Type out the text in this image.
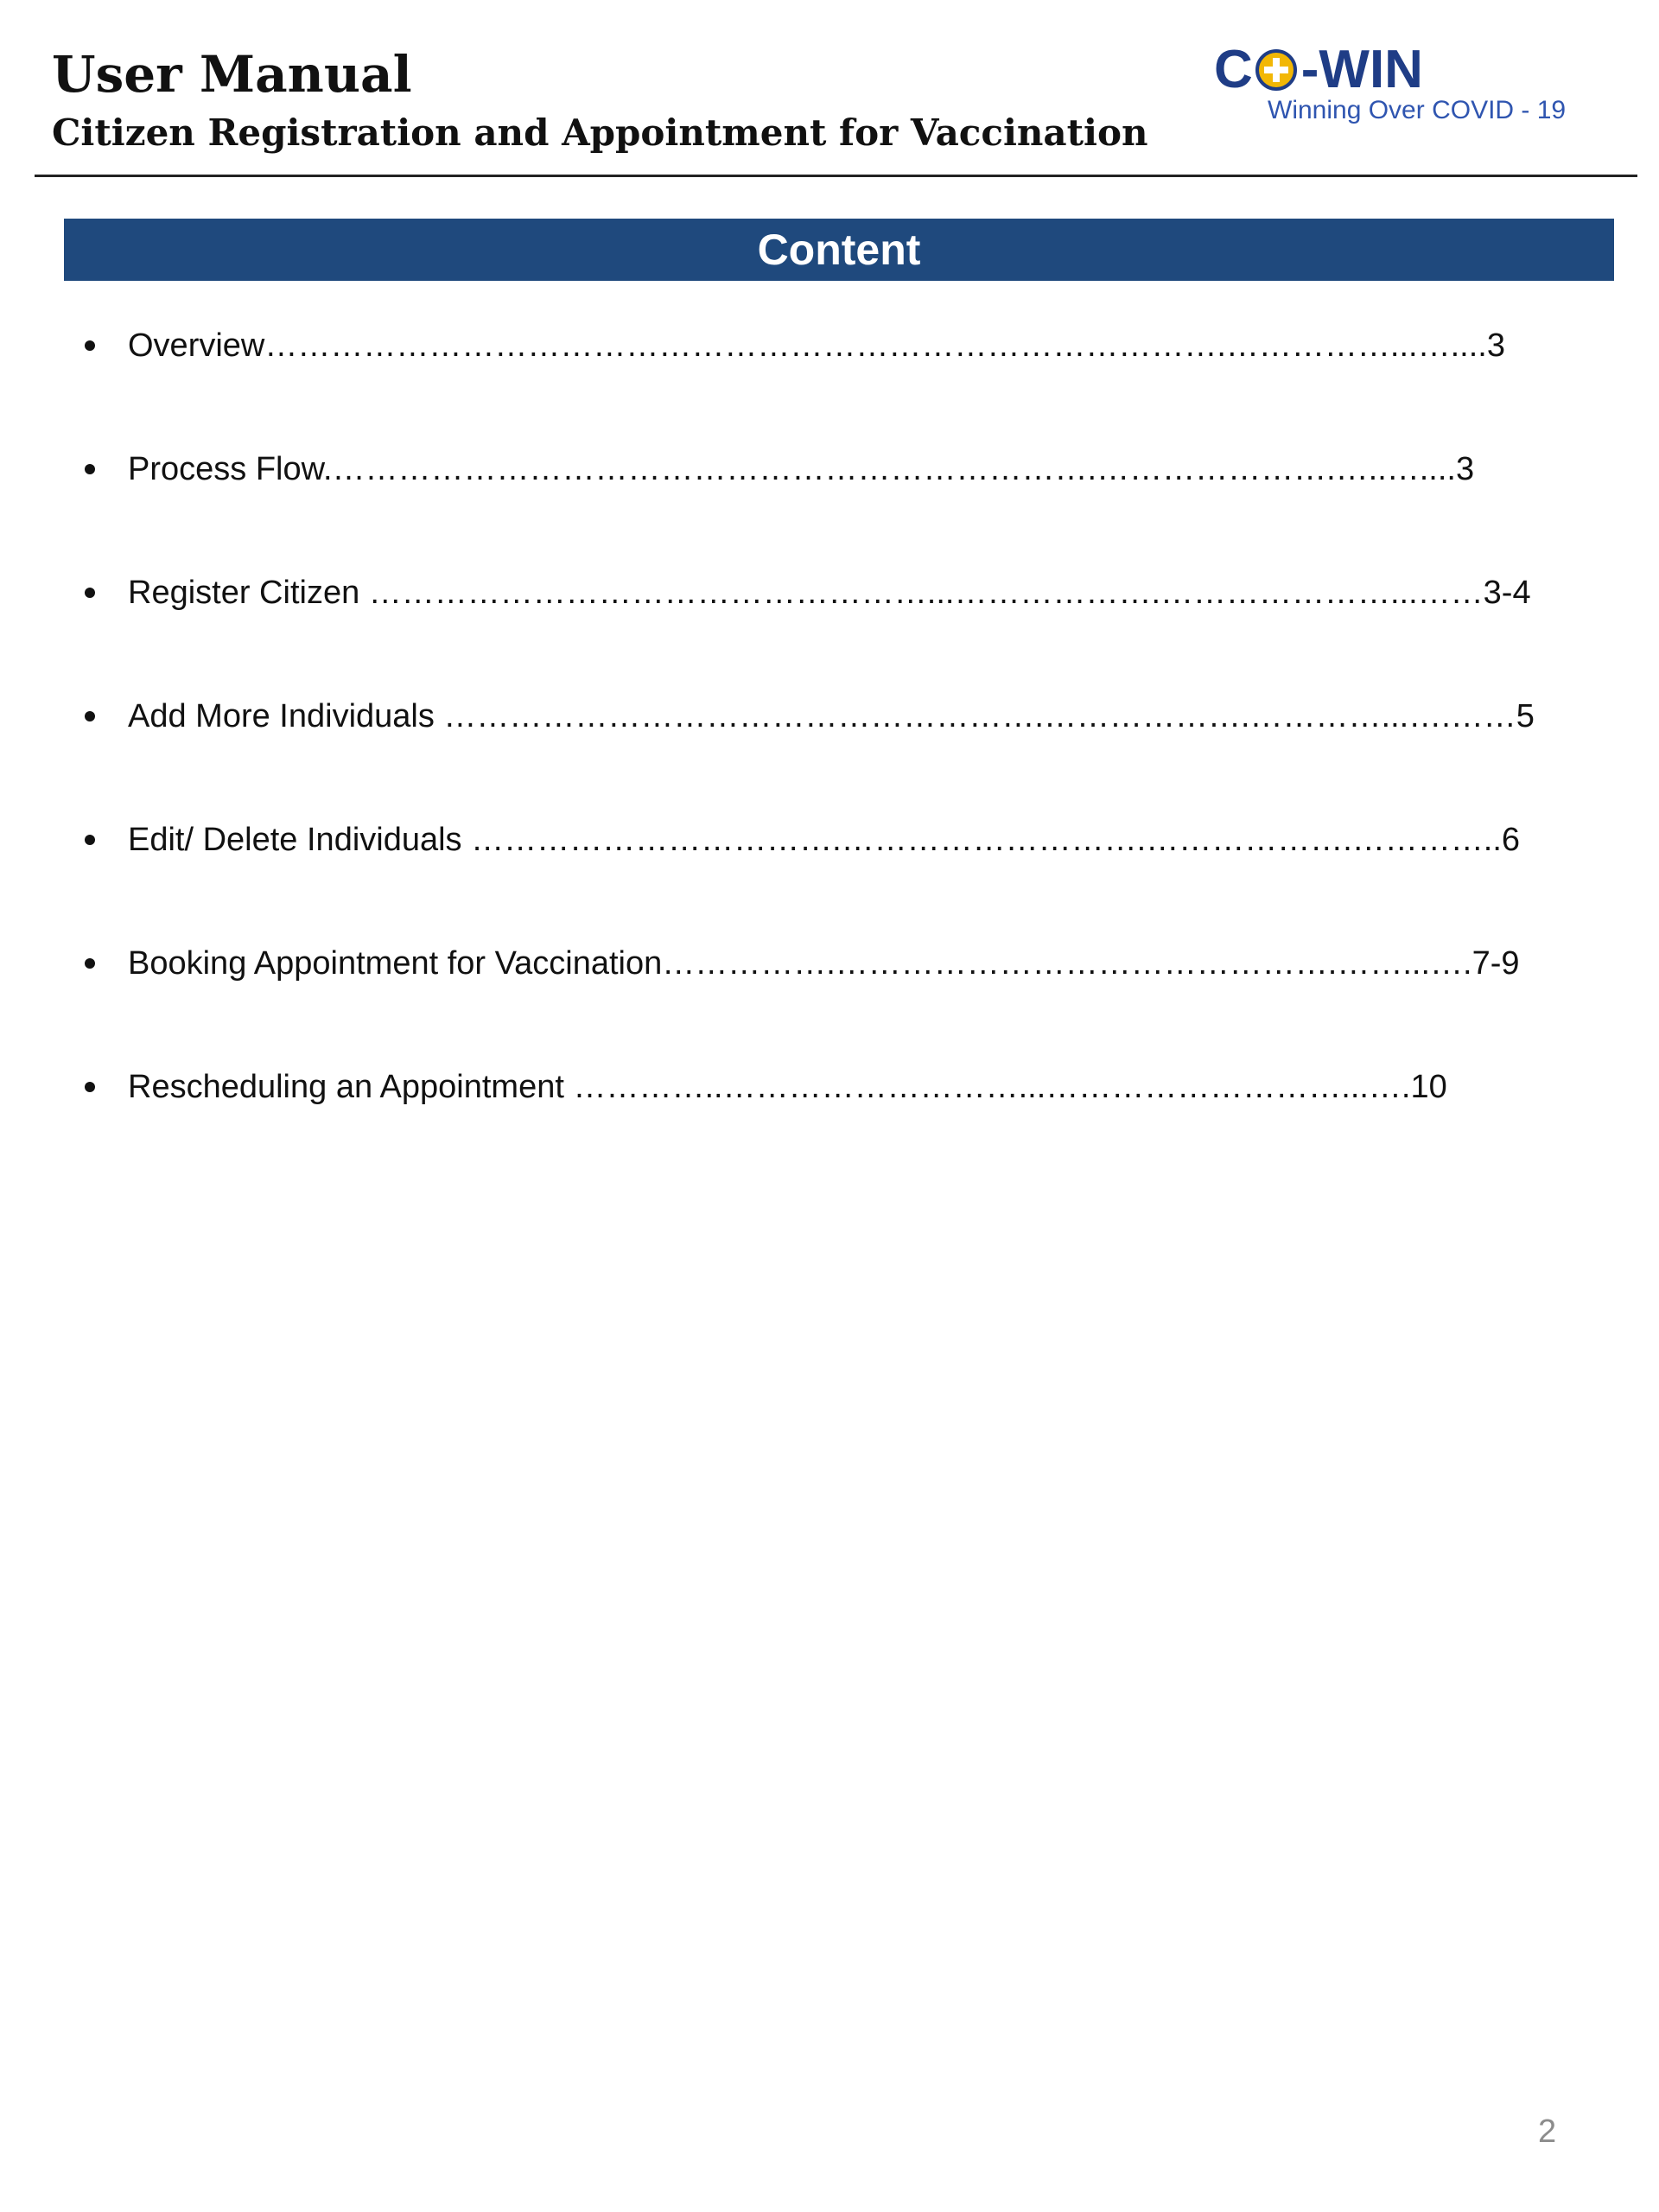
User Manual
Citizen Registration and Appointment for Vaccination
C -WIN
Winning Over COVID - 19
Content
Overview…………………………………………………………………………….……………...…....3
Process Flow.…………………………………………………………….………………….…..…....3
Register Citizen ……………………………………………...……………….…………………...……3-4
Add More Individuals ……………………………………………….……………….…………...….……5
Edit/ Delete Individuals …………………………….……………………….……………….…………..6
Booking Appointment for Vaccination…………….……………………………………….……...….7-9
Rescheduling an Appointment …………..………………………...………………………...….10
2
